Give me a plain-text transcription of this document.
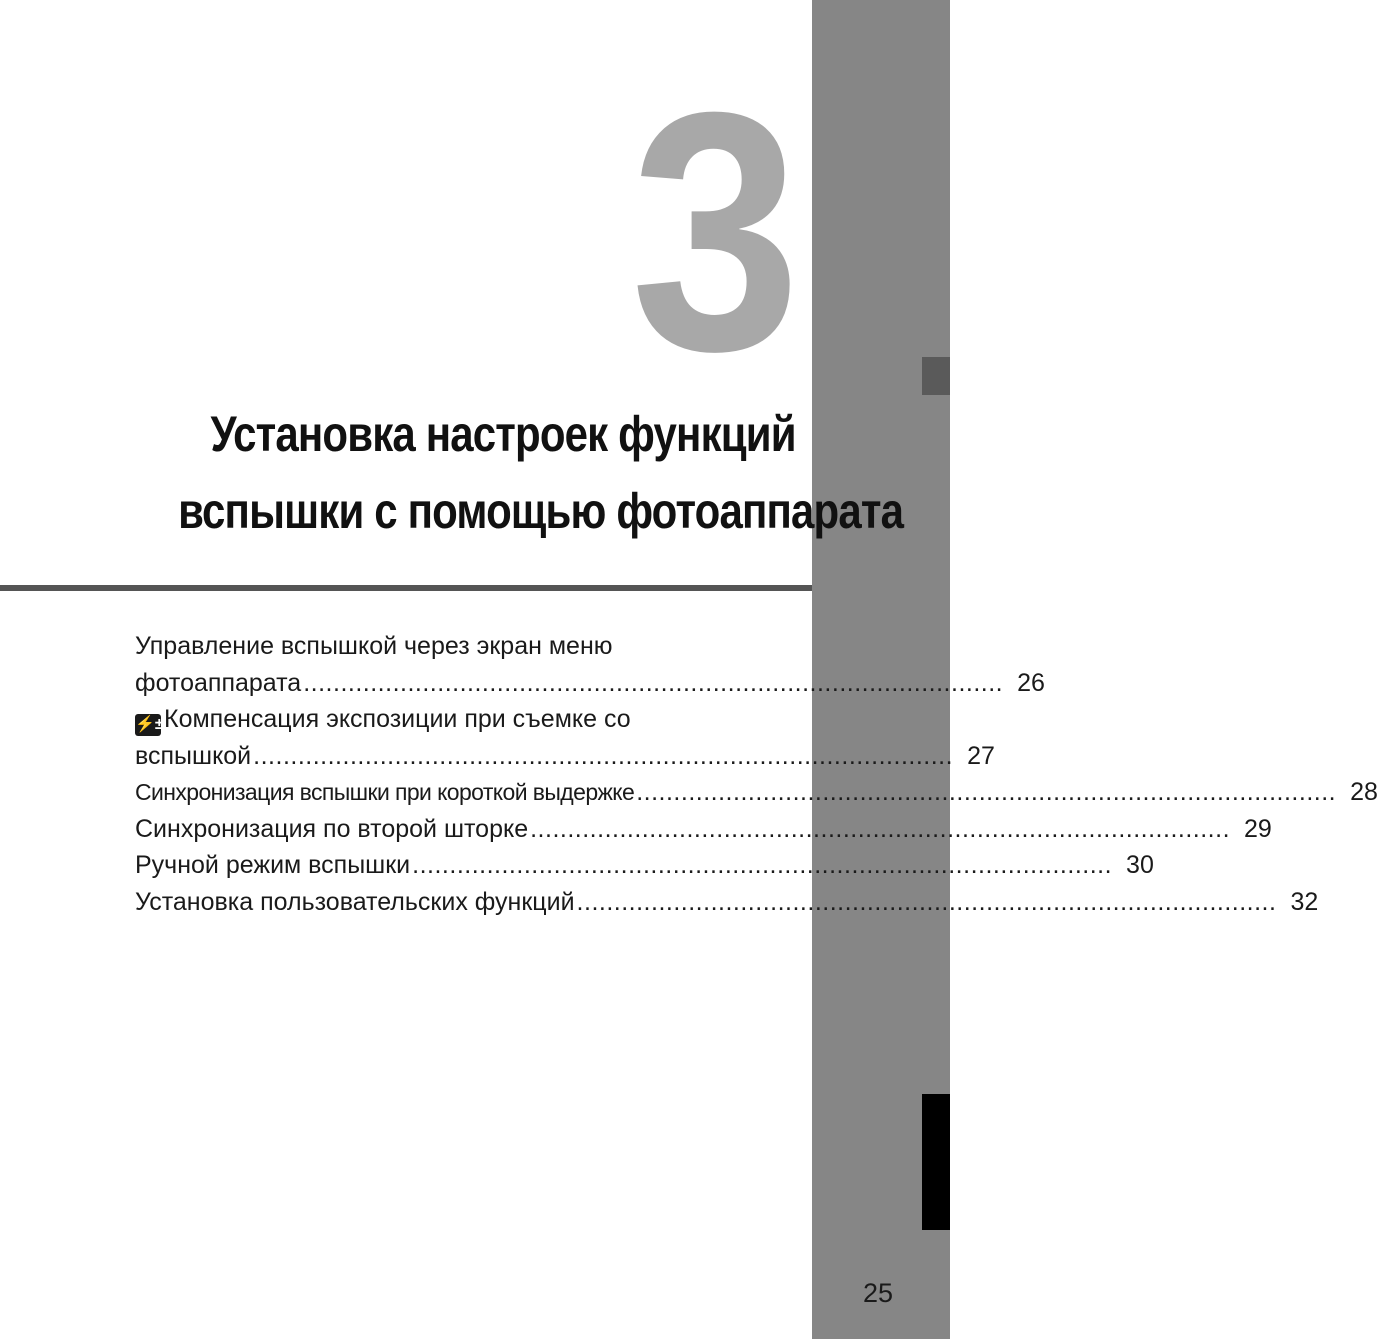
3
Установка настроек функций
вспышки с помощью фотоаппарата
Управление вспышкой через экран меню
фотоаппарата .............................................................................................. 26
⚡±Компенсация экспозиции при съемке со
вспышкой .............................................................................................. 27
Синхронизация вспышки при короткой выдержке .............................................................................................. 28
Синхронизация по второй шторке .............................................................................................. 29
Ручной режим вспышки .............................................................................................. 30
Установка пользовательских функций .............................................................................................. 32
25
